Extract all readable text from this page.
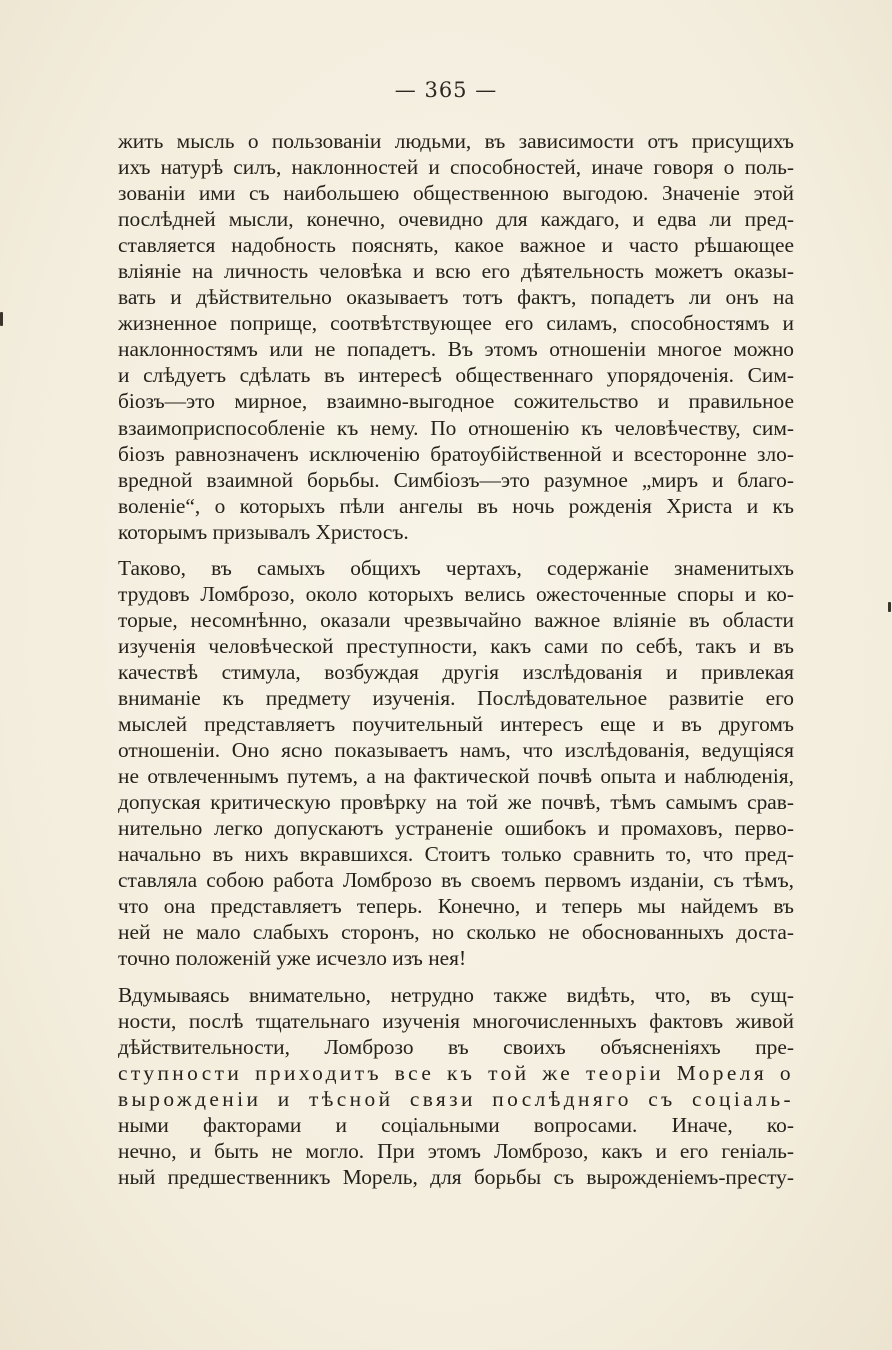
— 365 —
жить мысль о пользованіи людьми, въ зависимости отъ присущихъ
ихъ натурѣ силъ, наклонностей и способностей, иначе говоря о поль-
зованіи ими съ наибольшею общественною выгодою. Значеніе этой
послѣдней мысли, конечно, очевидно для каждаго, и едва ли пред-
ставляется надобность пояснять, какое важное и часто рѣшающее
вліяніе на личность человѣка и всю его дѣятельность можетъ оказы-
вать и дѣйствительно оказываетъ тотъ фактъ, попадетъ ли онъ на
жизненное поприще, соотвѣтствующее его силамъ, способностямъ и
наклонностямъ или не попадетъ. Въ этомъ отношеніи многое можно
и слѣдуетъ сдѣлать въ интересѣ общественнаго упорядоченія. Сим-
біозъ—это мирное, взаимно-выгодное сожительство и правильное
взаимоприспособленіе къ нему. По отношенію къ человѣчеству, сим-
біозъ равнозначенъ исключенію братоубійственной и всесторонне зло-
вредной взаимной борьбы. Симбіозъ—это разумное „миръ и благо-
воленіе“, о которыхъ пѣли ангелы въ ночь рожденія Христа и къ
которымъ призывалъ Христосъ.
Таково, въ самыхъ общихъ чертахъ, содержаніе знаменитыхъ
трудовъ Ломброзо, около которыхъ велись ожесточенные споры и ко-
торые, несомнѣнно, оказали чрезвычайно важное вліяніе въ области
изученія человѣческой преступности, какъ сами по себѣ, такъ и въ
качествѣ стимула, возбуждая другія изслѣдованія и привлекая
вниманіе къ предмету изученія. Послѣдовательное развитіе его
мыслей представляетъ поучительный интересъ еще и въ другомъ
отношеніи. Оно ясно показываетъ намъ, что изслѣдованія, ведущіяся
не отвлеченнымъ путемъ, а на фактической почвѣ опыта и наблюденія,
допуская критическую провѣрку на той же почвѣ, тѣмъ самымъ срав-
нительно легко допускаютъ устраненіе ошибокъ и промаховъ, перво-
начально въ нихъ вкравшихся. Стоитъ только сравнить то, что пред-
ставляла собою работа Ломброзо въ своемъ первомъ изданіи, съ тѣмъ,
что она представляетъ теперь. Конечно, и теперь мы найдемъ въ
ней не мало слабыхъ сторонъ, но сколько не обоснованныхъ доста-
точно положеній уже исчезло изъ нея!
Вдумываясь внимательно, нетрудно также видѣть, что, въ сущ-
ности, послѣ тщательнаго изученія многочисленныхъ фактовъ живой
дѣйствительности, Ломброзо въ своихъ объясненіяхъ пре-
ступности приходитъ все къ той же теоріи Мореля о
вырожденіи и тѣсной связи послѣдняго съ соціаль-
ными факторами и соціальными вопросами. Иначе, ко-
нечно, и быть не могло. При этомъ Ломброзо, какъ и его геніаль-
ный предшественникъ Морель, для борьбы съ вырожденіемъ-престу-
